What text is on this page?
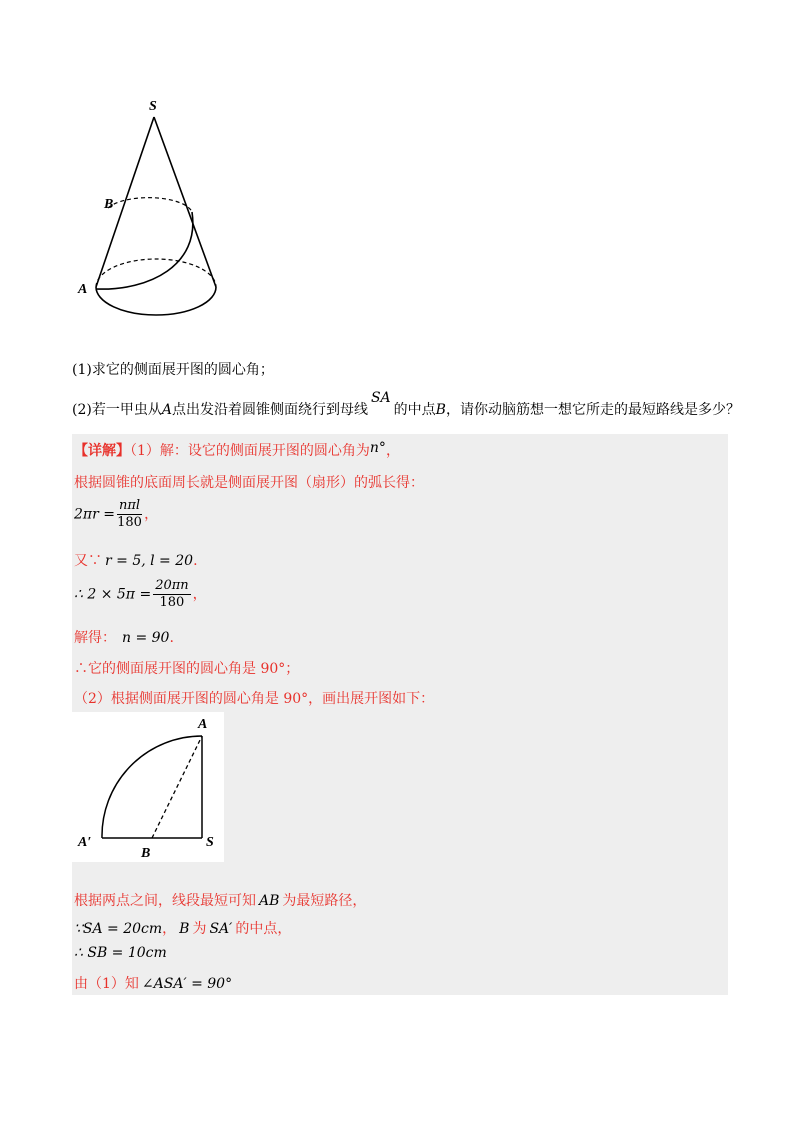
S
B
A
(1)求它的侧面展开图的圆心角；
(2)若一甲虫从A点出发沿着圆锥侧面绕行到母线SA的中点B，请你动脑筋想一想它所走的最短路线是多少？
【详解】（1）解：设它的侧面展开图的圆心角为n°，
根据圆锥的底面周长就是侧面展开图（扇形）的弧长得：
$2\pi r = \frac{\text{nπl}}{180}$ ，
又∵ r = 5, l = 20.
∴ $2 \times 5\pi = \frac{20\pi n}{180}$ ，
解得： n = 90.
∴它的侧面展开图的圆心角是 90°；
（2）根据侧面展开图的圆心角是 90°，画出展开图如下：
A
A′
B
S
根据两点之间，线段最短可知 AB 为最短路径，
∵SA = 20cm， B 为 SA′ 的中点，
∴ SB = 10cm
由（1）知 ∠ASA′ = 90°
